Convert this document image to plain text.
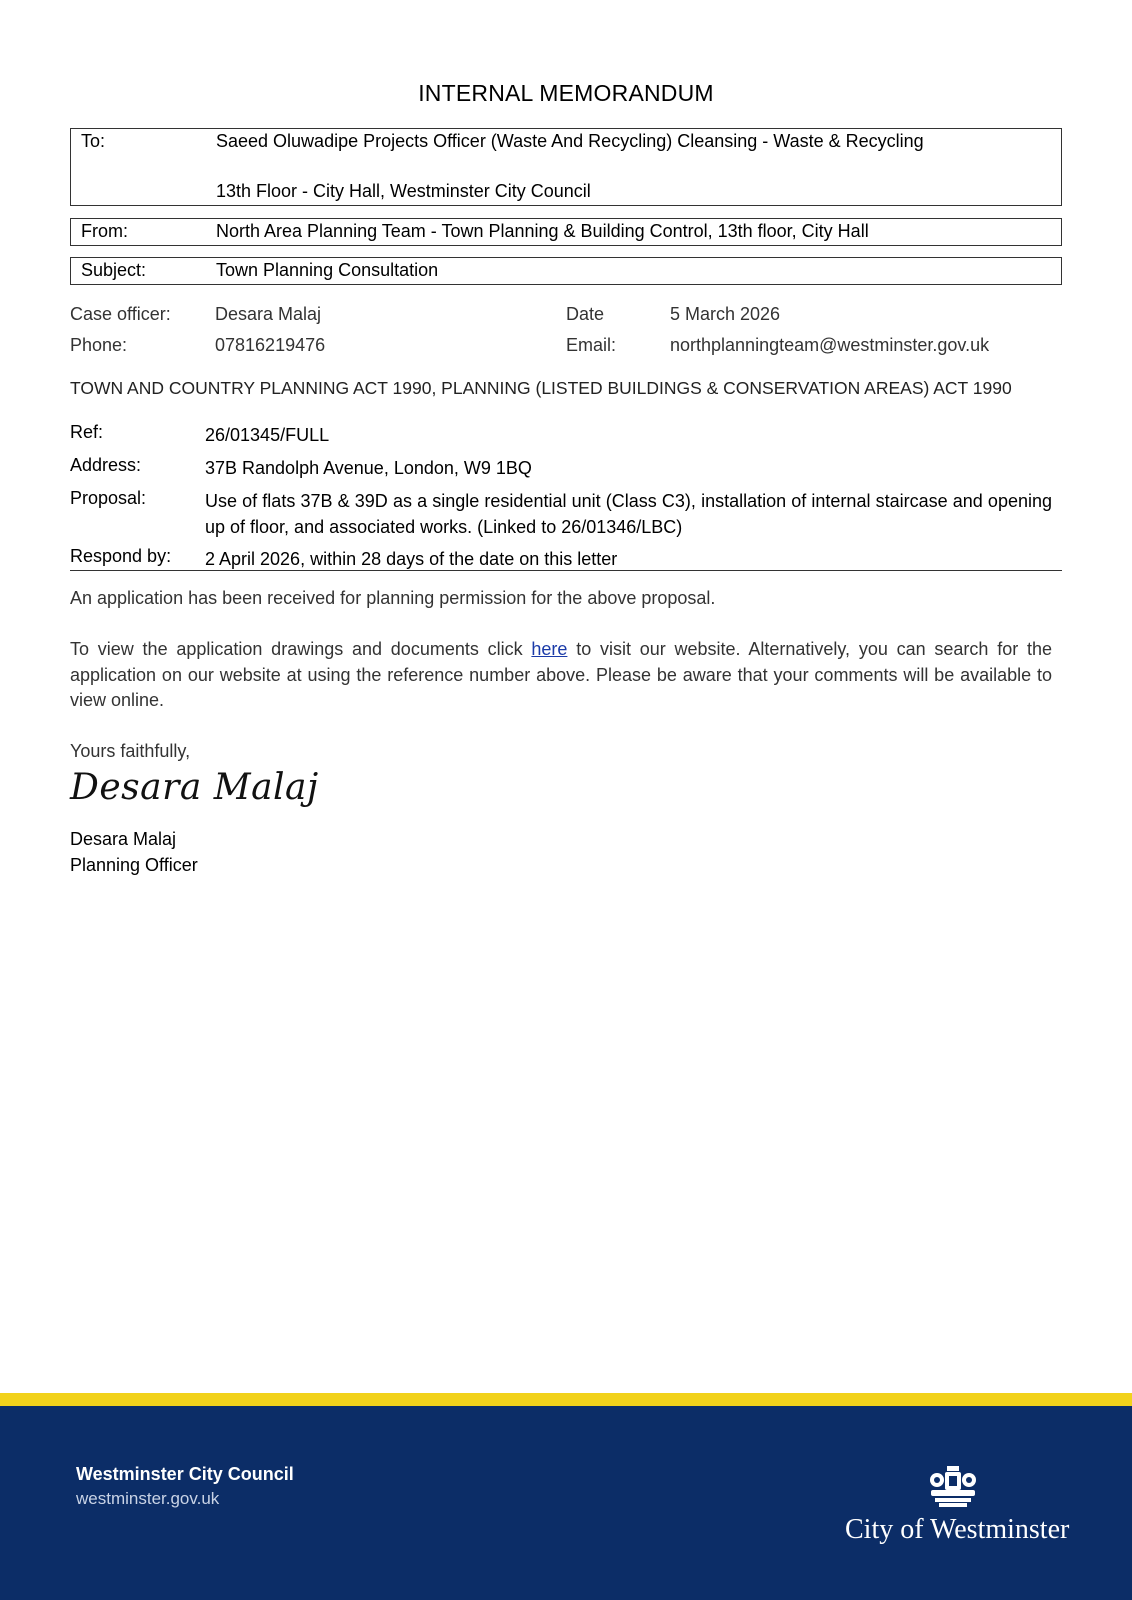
INTERNAL MEMORANDUM
To:	Saeed Oluwadipe Projects Officer (Waste And Recycling) Cleansing - Waste & Recycling
13th Floor - City Hall, Westminster City Council
From:	North Area Planning Team - Town Planning & Building Control, 13th floor, City Hall
Subject:	Town Planning Consultation
Case officer: Desara Malaj	Date	5 March 2026
Phone:	07816219476	Email:	northplanningteam@westminster.gov.uk
TOWN AND COUNTRY PLANNING ACT 1990, PLANNING (LISTED BUILDINGS & CONSERVATION AREAS) ACT 1990
Ref:	26/01345/FULL
Address:	37B Randolph Avenue, London, W9 1BQ
Proposal:	Use of flats 37B & 39D as a single residential unit (Class C3), installation of internal staircase and opening up of floor, and associated works. (Linked to 26/01346/LBC)
Respond by: 2 April 2026, within 28 days of the date on this letter
An application has been received for planning permission for the above proposal.
To view the application drawings and documents click here to visit our website. Alternatively, you can search for the application on our website at using the reference number above. Please be aware that your comments will be available to view online.
Yours faithfully,
Desara Malaj
Desara Malaj
Planning Officer
Westminster City Council
westminster.gov.uk
City of Westminster
